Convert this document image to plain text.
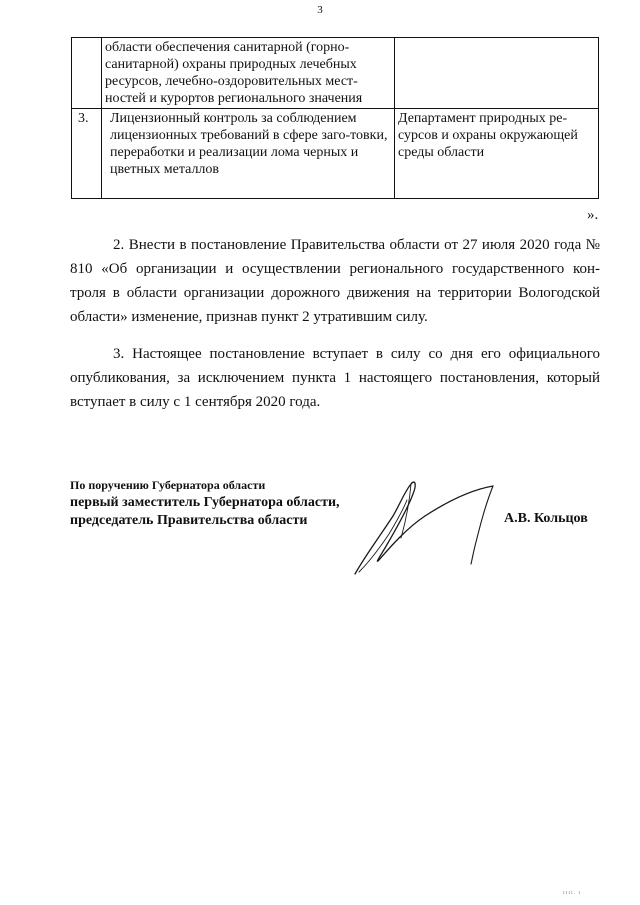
3
	области обеспечения санитарной (горно-санитарной) охраны природных лечебных ресурсов, лечебно-оздоровительных мест-ностей и курортов регионального значения	
3.	Лицензионный контроль за соблюдением лицензионных требований в сфере заго-товки, переработки и реализации лома черных и цветных металлов	Департамент природных ре-сурсов и охраны окружающей среды области
».

2. Внести в постановление Правительства области от 27 июля 2020 года № 810 «Об организации и осуществлении регионального государственного кон-троля в области организации дорожного движения на территории Вологодской области» изменение, признав пункт 2 утратившим силу.

3. Настоящее постановление вступает в силу со дня его официального опубликования, за исключением пункта 1 настоящего постановления, который вступает в силу с 1 сентября 2020 года.

По поручению Губернатора области
первый заместитель Губернатора области,
председатель Правительства области	А.В. Кольцов
ıııı. ı
